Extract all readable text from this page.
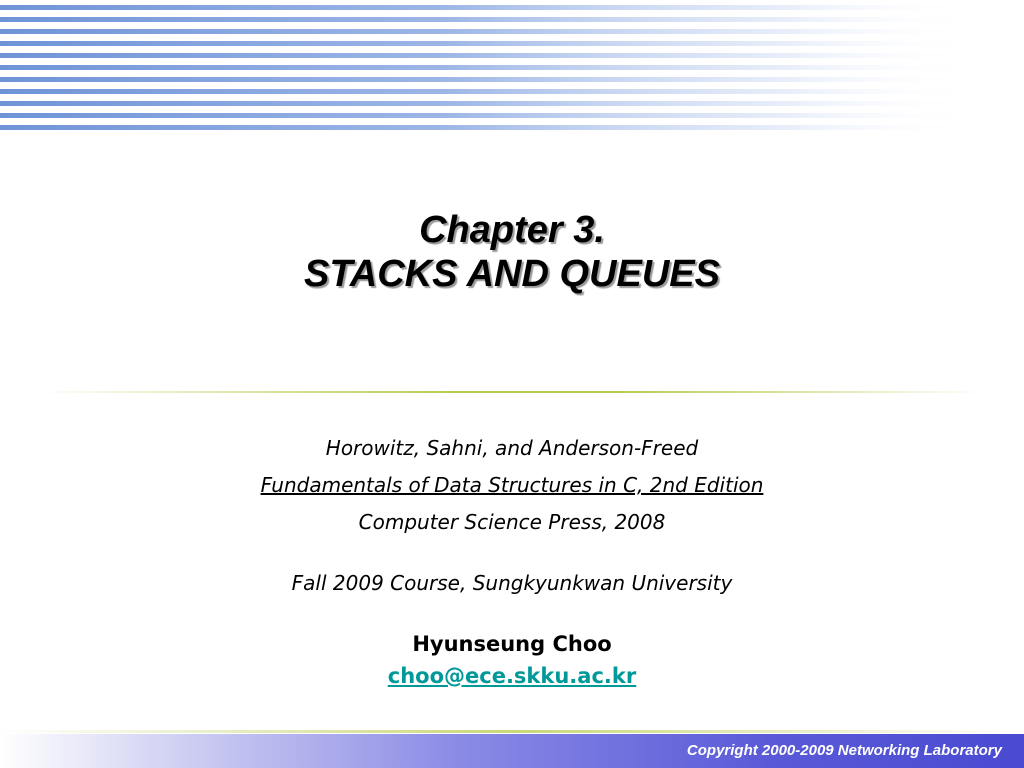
Chapter 3.
STACKS AND QUEUES
Horowitz, Sahni, and Anderson-Freed
Fundamentals of Data Structures in C, 2nd Edition
Computer Science Press, 2008
Fall 2009 Course, Sungkyunkwan University
Hyunseung Choo
choo@ece.skku.ac.kr
Copyright 2000-2009 Networking Laboratory
